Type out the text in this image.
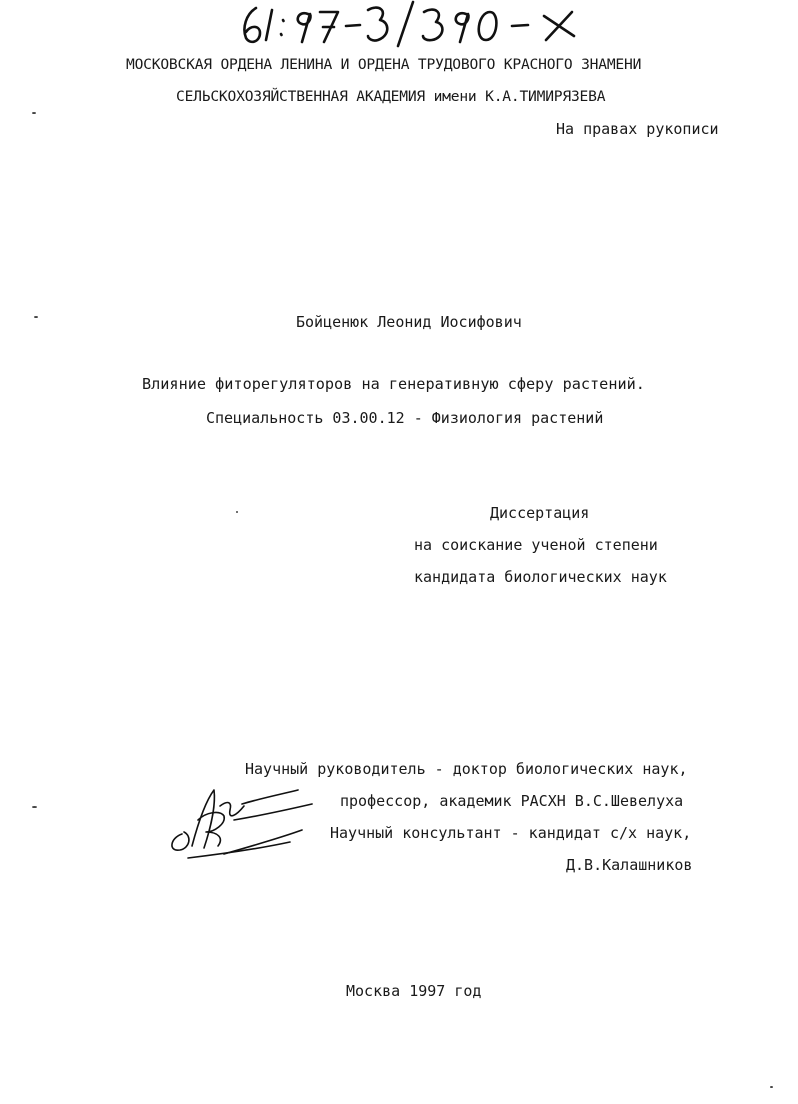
МОСКОВСКАЯ ОРДЕНА ЛЕНИНА И ОРДЕНА ТРУДОВОГО КРАСНОГО ЗНАМЕНИ
СЕЛЬСКОХОЗЯЙСТВЕННАЯ АКАДЕМИЯ имени К.А.ТИМИРЯЗЕВА
На правах рукописи
Бойценюк Леонид Иосифович
Влияние фиторегуляторов на генеративную сферу растений.
Специальность 03.00.12 - Физиология растений
Диссертация
на соискание ученой степени
кандидата биологических наук
Научный руководитель - доктор биологических наук,
профессор, академик РАСХН В.С.Шевелуха
Научный консультант - кандидат с/х наук,
Д.В.Калашников
Москва 1997 год
